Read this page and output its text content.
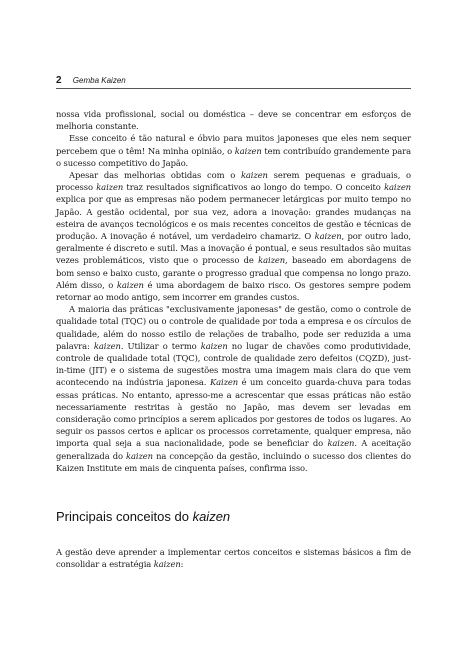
2 Gemba Kaizen

nossa vida profissional, social ou doméstica – deve se concentrar em esforços de melhoria constante.

Esse conceito é tão natural e óbvio para muitos japoneses que eles nem sequer percebem que o têm! Na minha opinião, o kaizen tem contribuído grandemente para o sucesso competitivo do Japão.

Apesar das melhorias obtidas com o kaizen serem pequenas e graduais, o processo kaizen traz resultados significativos ao longo do tempo. O conceito kaizen explica por que as empresas não podem permanecer letárgicas por muito tempo no Japão. A gestão ocidental, por sua vez, adora a inovação: grandes mudanças na esteira de avanços tecnológicos e os mais recentes conceitos de gestão e técnicas de produção. A inovação é notável, um verdadeiro chamariz. O kaizen, por outro lado, geralmente é discreto e sutil. Mas a inovação é pontual, e seus resultados são muitas vezes problemáticos, visto que o processo de kaizen, baseado em abordagens de bom senso e baixo custo, garante o progresso gradual que compensa no longo prazo. Além disso, o kaizen é uma abordagem de baixo risco. Os gestores sempre podem retornar ao modo antigo, sem incorrer em grandes custos.

A maioria das práticas "exclusivamente japonesas" de gestão, como o controle de qualidade total (TQC) ou o controle de qualidade por toda a empresa e os círculos de qualidade, além do nosso estilo de relações de trabalho, pode ser reduzida a uma palavra: kaizen. Utilizar o termo kaizen no lugar de chavões como produtividade, controle de qualidade total (TQC), controle de qualidade zero defeitos (CQZD), just-in-time (JIT) e o sistema de sugestões mostra uma imagem mais clara do que vem acontecendo na indústria japonesa. Kaizen é um conceito guarda-chuva para todas essas práticas. No entanto, apresso-me a acrescentar que essas práticas não estão necessariamente restritas à gestão no Japão, mas devem ser levadas em consideração como princípios a serem aplicados por gestores de todos os lugares. Ao seguir os passos certos e aplicar os processos corretamente, qualquer empresa, não importa qual seja a sua nacionalidade, pode se beneficiar do kaizen. A aceitação generalizada do kaizen na concepção da gestão, incluindo o sucesso dos clientes do Kaizen Institute em mais de cinquenta países, confirma isso.

Principais conceitos do kaizen

A gestão deve aprender a implementar certos conceitos e sistemas básicos a fim de consolidar a estratégia kaizen:
